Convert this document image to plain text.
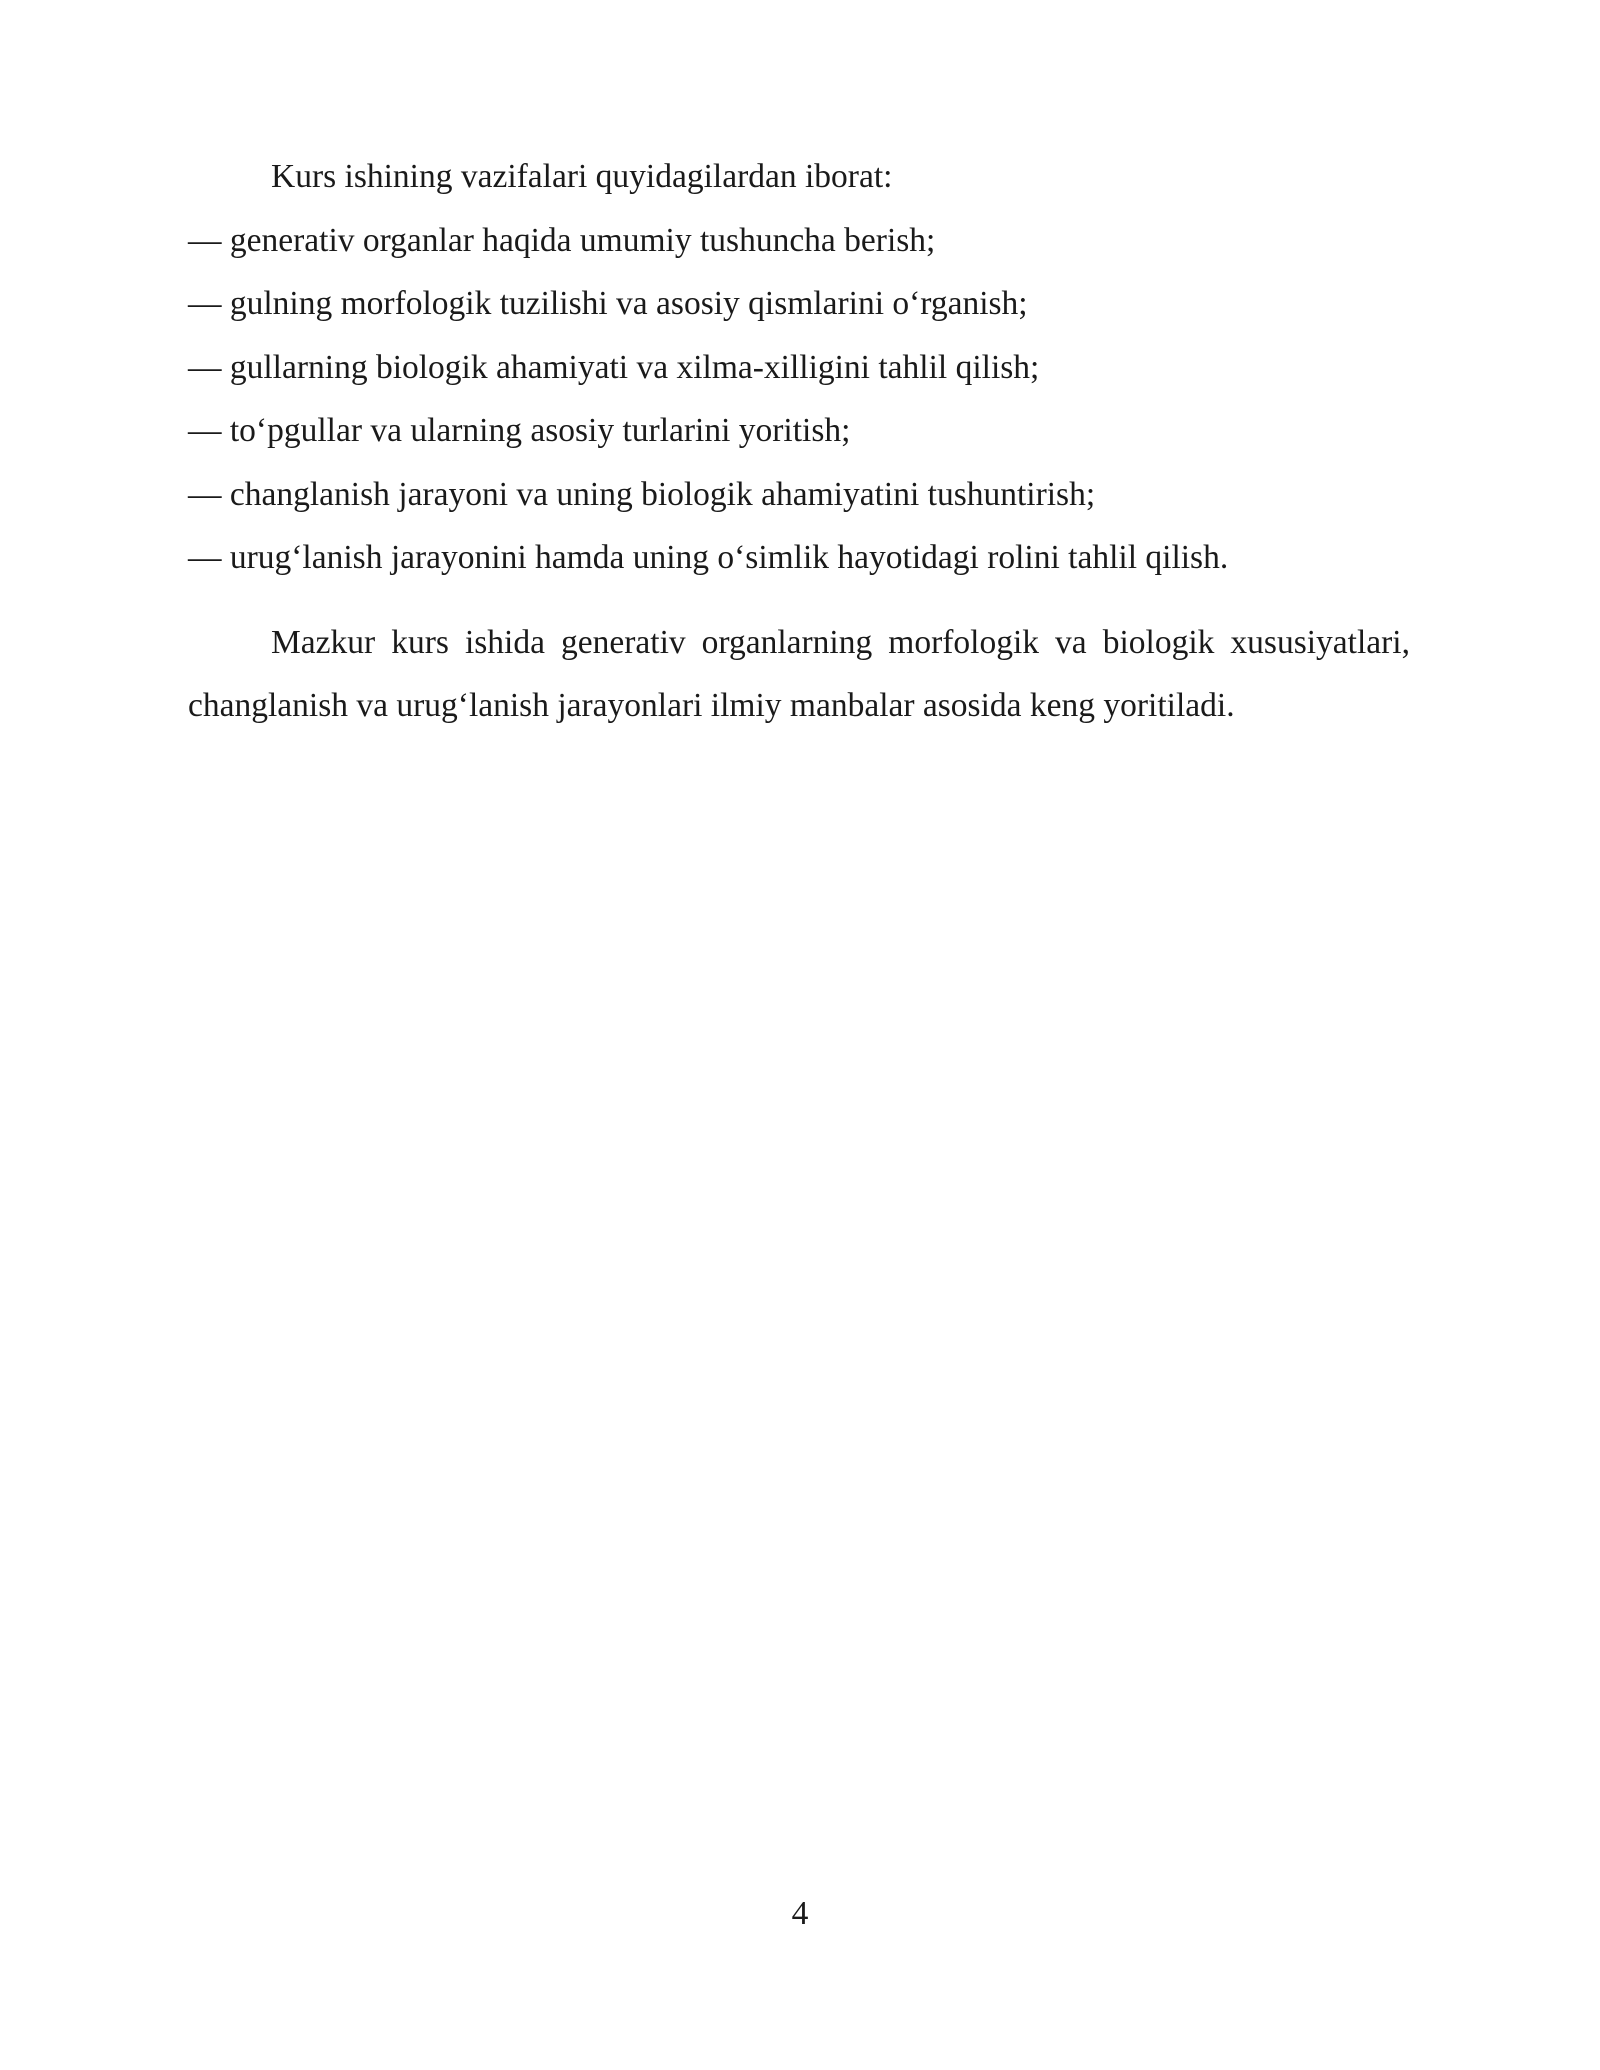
Kurs ishining vazifalari quyidagilardan iborat:

— generativ organlar haqida umumiy tushuncha berish;
— gulning morfologik tuzilishi va asosiy qismlarini o‘rganish;
— gullarning biologik ahamiyati va xilma-xilligini tahlil qilish;
— to‘pgullar va ularning asosiy turlarini yoritish;
— changlanish jarayoni va uning biologik ahamiyatini tushuntirish;
— urug‘lanish jarayonini hamda uning o‘simlik hayotidagi rolini tahlil qilish.

Mazkur kurs ishida generativ organlarning morfologik va biologik xususiyatlari, changlanish va urug‘lanish jarayonlari ilmiy manbalar asosida keng yoritiladi.

4
